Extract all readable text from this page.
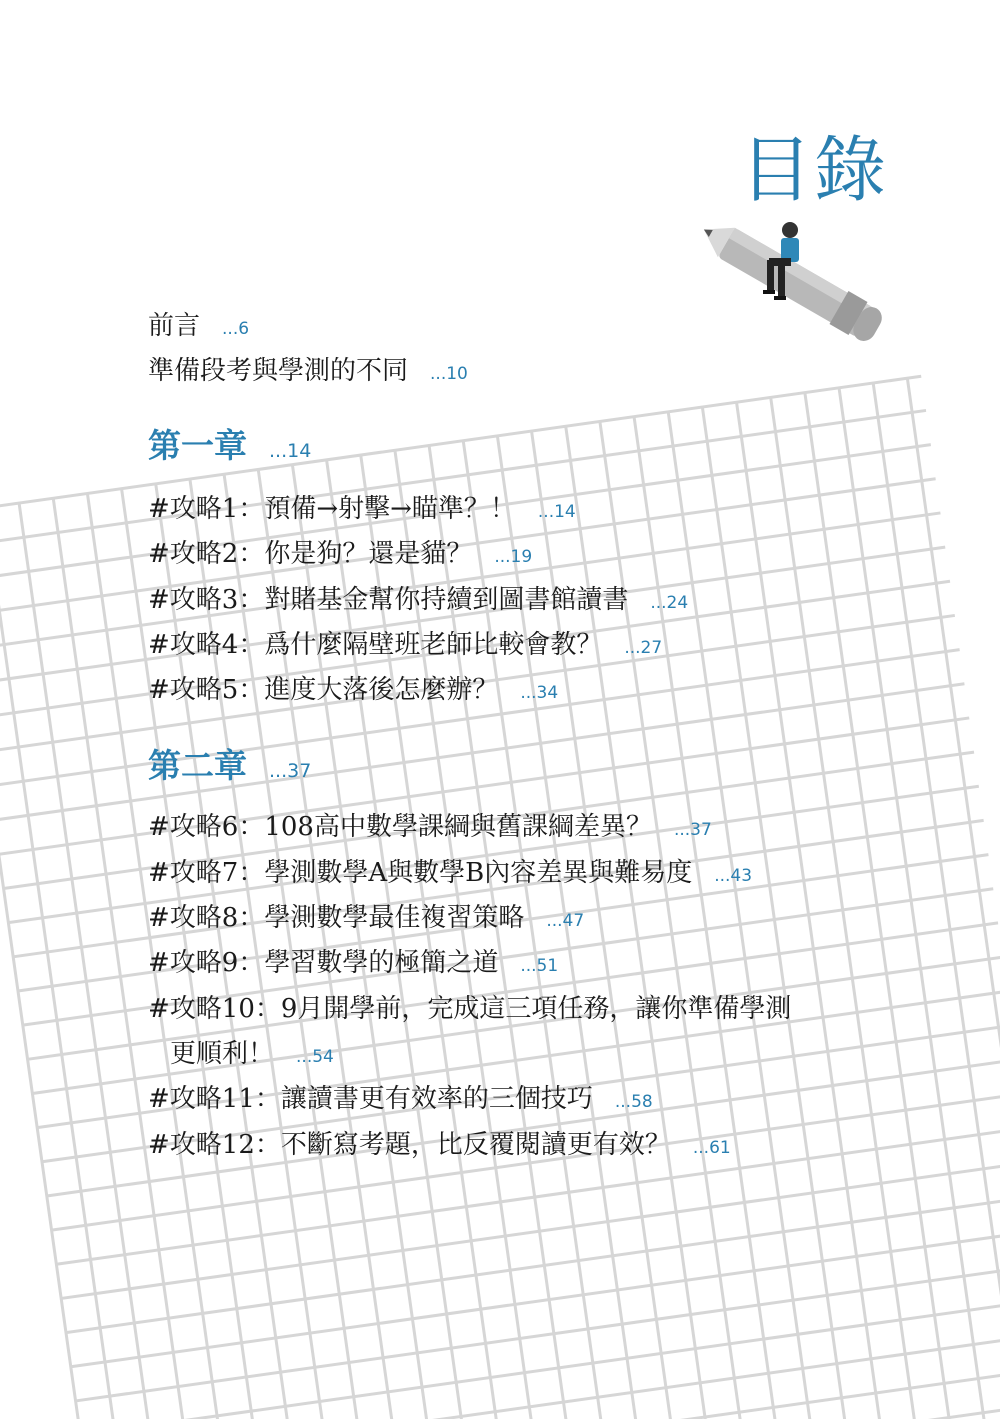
目錄
前言 ...6
準備段考與學測的不同 ...10
第一章 ...14
#攻略1：預備→射擊→瞄準？！ ...14
#攻略2：你是狗？還是貓？ ...19
#攻略3：對賭基金幫你持續到圖書館讀書 ...24
#攻略4：爲什麼隔壁班老師比較會教？ ...27
#攻略5：進度大落後怎麼辦？ ...34
第二章 ...37
#攻略6：108高中數學課綱與舊課綱差異？ ...37
#攻略7：學測數學A與數學B內容差異與難易度 ...43
#攻略8：學測數學最佳複習策略 ...47
#攻略9：學習數學的極簡之道 ...51
#攻略10：9月開學前，完成這三項任務，讓你準備學測
更順利！ ...54
#攻略11：讓讀書更有效率的三個技巧 ...58
#攻略12：不斷寫考題，比反覆閱讀更有效？ ...61
